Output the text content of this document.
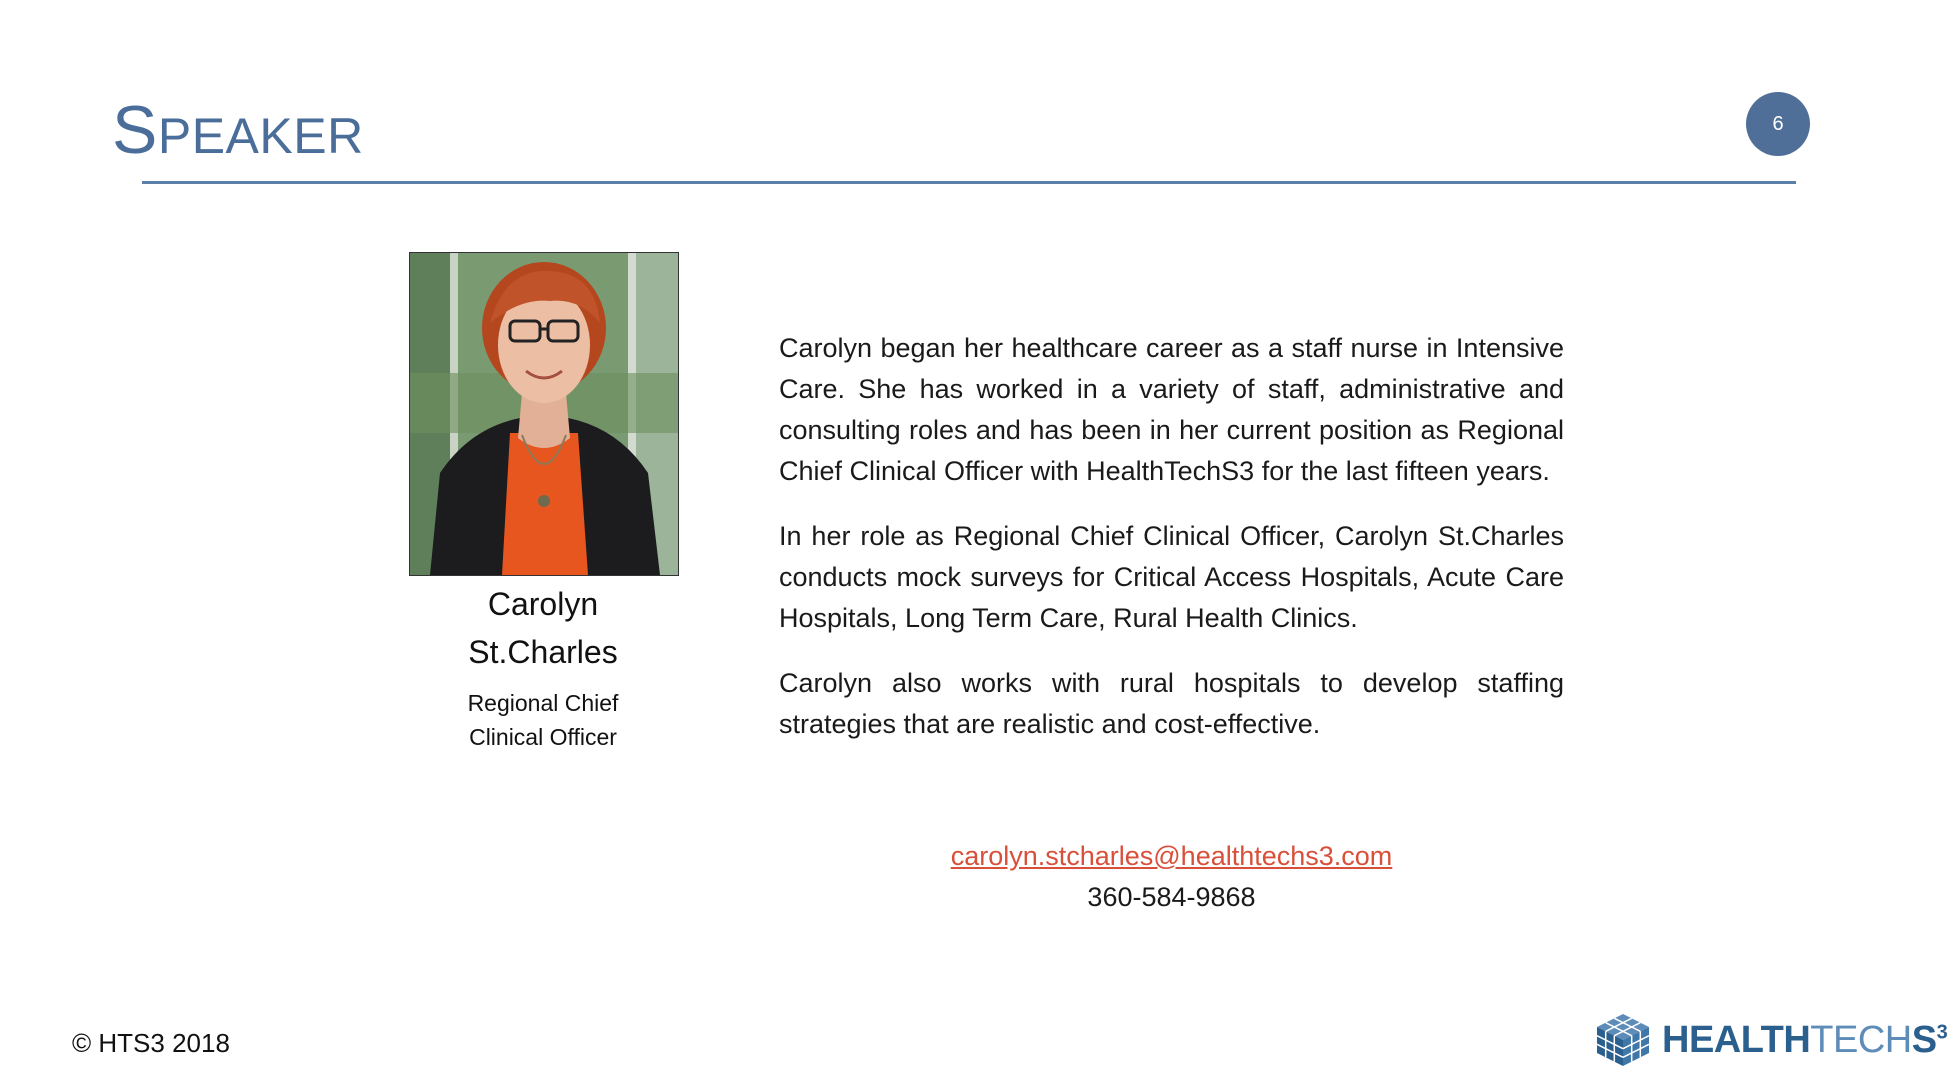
SPEAKER	6
Carolyn
St.Charles
Regional Chief
Clinical Officer

Carolyn began her healthcare career as a staff nurse in Intensive Care. She has worked in a variety of staff, administrative and consulting roles and has been in her current position as Regional Chief Clinical Officer with HealthTechS3 for the last fifteen years.

In her role as Regional Chief Clinical Officer, Carolyn St.Charles conducts mock surveys for Critical Access Hospitals, Acute Care Hospitals, Long Term Care, Rural Health Clinics.

Carolyn also works with rural hospitals to develop staffing strategies that are realistic and cost-effective.

carolyn.stcharles@healthtechs3.com
360-584-9868
© HTS3 2018	HEALTHTECHS$^3$
